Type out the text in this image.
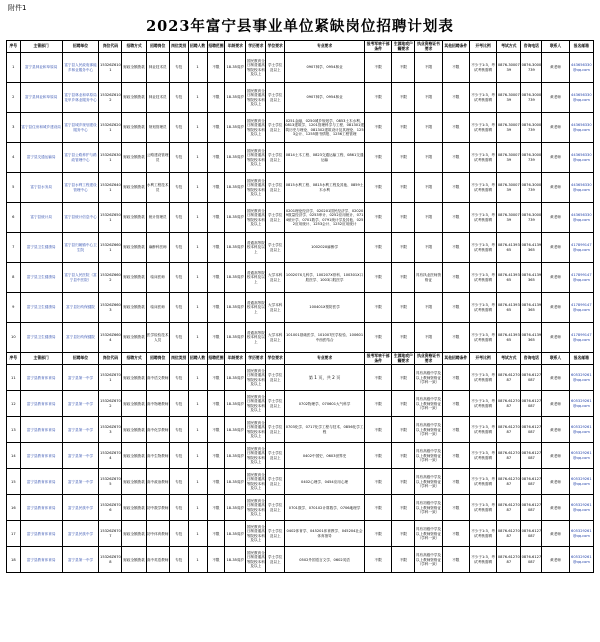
附件1
2023年富宁县事业单位紧缺岗位招聘计划表
序号	主管部门	招聘单位	岗位代码	招聘方式	招聘岗位	岗位类别	招聘人数	招聘范围	年龄要求	学历要求	学位要求	专业要求	报考军转干部条件	生源地或户籍要求	执业资格证书要求	其他招聘条件	开考比例	考试方式	咨询电话	联系人	报名邮箱
1	富宁县林业和草原局	富宁县人民政府那能乡林业服务中心	15326Z6101	财政全额拨款	林业技术员	专技	1	不限	18-35周岁	国民教育全日制普通高等院校本科及以上	学士学位及以上	0907林学、0954林业	不限	不限	不限	不限	不少于1:3，考试考核需聘	0876-3000739	0876-3000739	黄老师	443656330@qq.com
2	富宁县林业和草原局	富宁县林业和草原局花甲乡林业服务中心	15326Z6102	财政全额拨款	林业技术员	专技	1	不限	18-35周岁	国民教育全日制普通高等院校本科及以上	学士学位及以上	0907林学、0954林业	不限	不限	不限	不限	不少于1:3，考试考核需聘	0876-3000739	0876-3000739	黄老师	443656330@qq.com
3	富宁县住房和城乡建设局	富宁县城乡规划建设服务中心	15326Z6201	财政全额拨款	规划管理员	专技	1	不限	18-35周岁	国民教育全日制普通高等院校本科及以上	学士学位及以上	0251金融、0250城乡规划学、0853土木水利、0813建筑学、1201管理科学与工程、081301建筑历史与理论、081302建筑设计及其理论、1253会计、1255图书情报、1256工程管理	不限	不限	不限	不限	不少于1:3，考试考核需聘	0876-3000739	0876-3000739	黄老师	443656330@qq.com
4	富宁县交通运输局	富宁县公路养护与路政管理中心	15326Z6301	财政全额拨款	公路建设管理员	专技	1	不限	18-35周岁	国民教育全日制普通高等院校本科及以上	学士学位及以上	0814土木工程、0823交通运输工程、0861交通运输	不限	不限	不限	不限	不少于1:3，考试考核需聘	0876-3000739	0876-3000739	黄老师	443656330@qq.com
5	富宁县水务局	富宁县水利工程建设管理中心	15326Z6401	财政全额拨款	水利工程技术员	专技	1	不限	18-35周岁	国民教育全日制普通高等院校本科及以上	学士学位及以上	0815水利工程、0815水利工程及其他、0859土木水利	不限	不限	不限	不限	不少于1:3，考试考核需聘	0876-3000739	0876-3000739	黄老师	443656330@qq.com
6	富宁县统计局	富宁县统计信息中心	15326Z6501	财政全额拨款	统计管理员	专技	1	不限	18-35周岁	国民教育全日制普通高等院校本科及以上	学士学位及以上	0201理论经济学、020201国民经济学、020209数量经济学、0253审计、0252应用统计、0714统计学、0701数学、0791统计学及其他、0252应用统计、1253会计、1252应用统计	不限	不限	不限	不限	不少于1:3，考试考核需聘	0876-3000739	0876-3000739	黄老师	443656330@qq.com
7	富宁县卫生健康局	富宁县归朝镇中心卫生院	15326Z6601	财政全额拨款	麻醉科医师	专技	1	不限	18-35周岁	普通高等院校本科及以上	学士学位及以上	100202X麻醉学	不限	不限	不限	不限	不少于1:3，考试考核需聘	0876-4139365	0876-4139365	黄老师	417899147@qq.com
8	富宁县卫生健康局	富宁县人民医院（富宁县中医院）	15326Z6602	财政全额拨款	临床医师	专技	1	不限	18-35周岁	普通高等院校本科及以上	大学本科及以上	100207X儿科学、100207X骨科、100301X口腔医学、1003口腔医学	不限	不限	具有执业医师资格证	不限	不少于1:3，考试考核需聘	0876-4139365	0876-4139365	黄老师	417899147@qq.com
9	富宁县卫生健康局	富宁县妇幼保健院	15326Z6603	财政全额拨款	临床医师	专技	1	不限	18-35周岁	普通高等院校本科及以上	大学本科及以上	100401X预防医学	不限	不限	不限	不限	不少于1:3，考试考核需聘	0876-4139365	0876-4139365	黄老师	417899147@qq.com
10	富宁县卫生健康局	富宁县妇幼保健院	15326Z6604	财政全额拨款	医学检验技术人员	专技	1	不限	18-35周岁	普通高等院校本科及以上	大学本科及以上	101001基础医学、101007医学检验、100601中西医结合	不限	不限	不限	不限	不少于1:3，考试考核需聘	0876-4139365	0876-4139365	黄老师	417899147@qq.com
序号	主管部门	招聘单位	岗位代码	招聘方式	招聘岗位	岗位类别	招聘人数	招聘范围	年龄要求	学历要求	学位要求	专业要求	报考军转干部条件	生源地或户籍要求	执业资格证书要求	其他招聘条件	开考比例	考试方式	咨询电话	联系人	报名邮箱
11	富宁县教育体育局	富宁县第一中学	15326Z6701	财政全额拨款	高中语文教师	专技	1	不限	18-35周岁	国民教育全日制普通高等院校本科及以上	学士学位及以上	第 1 页，共 2 页	不限	不限	具有高级中学及以上教师资格证（学科一致）	不限	不少于1:3，考试考核需聘	0876-6127087	0876-6127087	黄老师	605329261@qq.com
12	富宁县教育体育局	富宁县第一中学	15326Z6702	财政全额拨款	高中物理教师	专技	1	不限	18-35周岁	国民教育全日制普通高等院校本科及以上	学士学位及以上	0702物理学、070601大气科学	不限	不限	具有高级中学及以上教师资格证（学科一致）	不限	不少于1:3，考试考核需聘	0876-6127087	0876-6127087	黄老师	605329261@qq.com
13	富宁县教育体育局	富宁县第一中学	15326Z6703	财政全额拨款	高中化学教师	专技	1	不限	18-35周岁	国民教育全日制普通高等院校本科及以上	学士学位及以上	0703化学、0717化学工程与技术、0856化学工程	不限	不限	具有高级中学及以上教师资格证（学科一致）	不限	不少于1:3，考试考核需聘	0876-6127087	0876-6127087	黄老师	605329261@qq.com
14	富宁县教育体育局	富宁县第一中学	15326Z6704	财政全额拨款	高中生物教师	专技	1	不限	18-35周岁	国民教育全日制普通高等院校本科及以上	学士学位及以上	0402中国史、0603世界史	不限	不限	具有高级中学及以上教师资格证（学科一致）	不限	不少于1:3，考试考核需聘	0876-6127087	0876-6127087	黄老师	605329261@qq.com
15	富宁县教育体育局	富宁县第一中学	15326Z6705	财政全额拨款	高中政治教师	专技	1	不限	18-35周岁	国民教育全日制普通高等院校本科及以上	学士学位及以上	0402心理学、0454应用心理	不限	不限	具有高级中学及以上教师资格证（学科一致）	不限	不少于1:3，考试考核需聘	0876-6127087	0876-6127087	黄老师	605329261@qq.com
16	富宁县教育体育局	富宁县民族中学	15326Z6706	财政全额拨款	初中数学教师	专技	1	不限	18-35周岁	国民教育全日制普通高等院校本科及以上	学士学位及以上	0701数学、070102计算数学、0706地理学	不限	不限	具有初级中学及以上教师资格证（学科一致）	不限	不少于1:3，考试考核需聘	0876-6127087	0876-6127087	黄老师	605329261@qq.com
17	富宁县教育体育局	富宁县民族中学	15326Z6707	财政全额拨款	初中体育教师	专技	1	不限	18-35周岁	国民教育全日制普通高等院校本科及以上	学士学位及以上	0402体育学、045201体育教学、045204社会体育指导	不限	不限	具有初级中学及以上教师资格证（学科一致）	不限	不少于1:3，考试考核需聘	0876-6127087	0876-6127087	黄老师	605329261@qq.com
18	富宁县教育体育局	富宁县第一中学	15326Z6708	财政全额拨款	高中英语教师	专技	1	不限	18-35周岁	国民教育全日制普通高等院校本科及以上	学士学位及以上	0502外国语言文学、0602英语	不限	不限	具有高级中学及以上教师资格证（学科一致）	不限	不少于1:3，考试考核需聘	0876-6127087	0876-6127087	黄老师	605329261@qq.com
